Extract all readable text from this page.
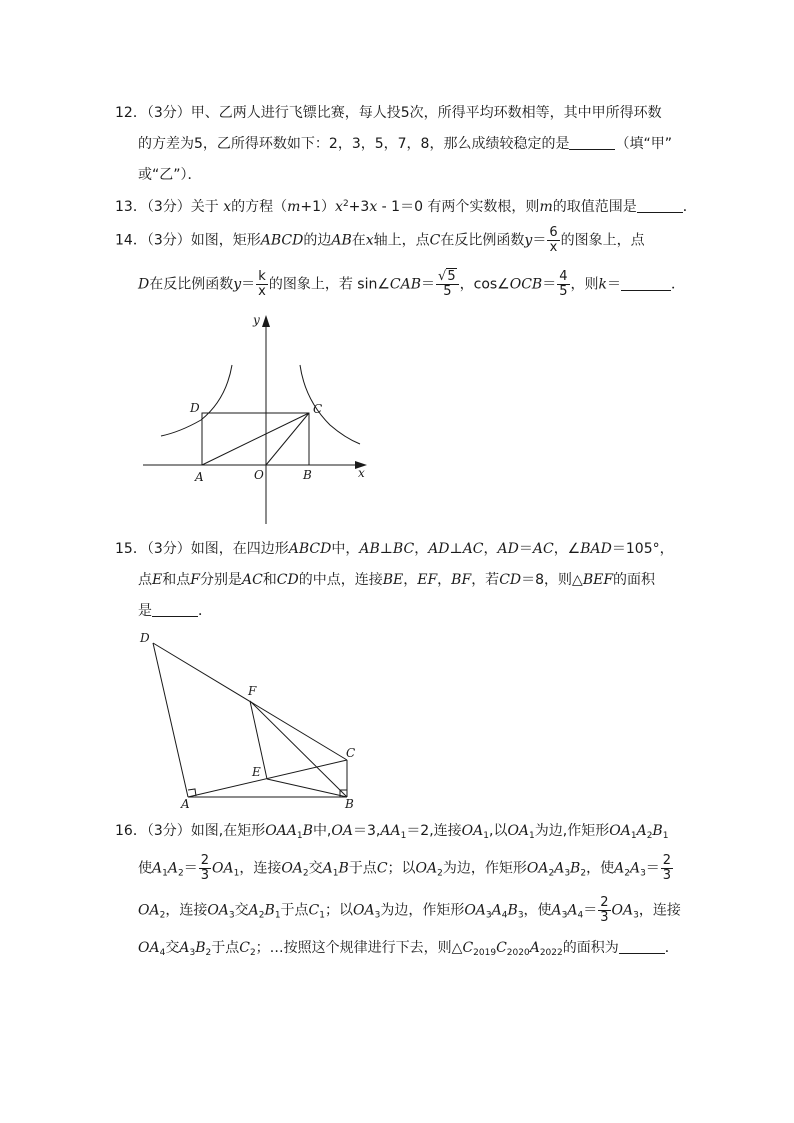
12．（3分）甲、乙两人进行飞镖比赛，每人投5次，所得平均环数相等，其中甲所得环数
的方差为5，乙所得环数如下：2，3，5，7，8，那么成绩较稳定的是	（填“甲”
或“乙”）．
13．（3分）关于 x的方程$(m+1)x^2+3x - 1=0$ 有两个实数根，则m的取值范围是	．
14．（3分）如图，矩形ABCD的边AB在x轴上，点C在反比例函数$y= \frac{6}{x}$ 的图象上，点
D在反比例函数$y= \frac{k}{x}$ 的图象上，若 sin∠CAB＝ $\frac{√5}{5}$ ，cos∠OCB＝ $\frac{4}{5}$ ，则k＝	．
y
D	C
A	O	B	x
15．（3分）如图，在四边形ABCD中，AB⊥BC，AD⊥AC，AD＝AC，∠BAD＝105°，
点E和点F分别是AC和CD的中点，连接BE，EF，BF，若CD＝8，则△BEF的面积
是	．
D
F
C
E
A	B
16．（3分）如图,在矩形$OAA_1B$中$,OA=3,AA_1=2$,连接$OA_1$,以$OA_1$为边,作矩形$OA_1A_2B_1$
使$A_1A_2= \frac{2}{3} OA_1$，连接$OA_2$交$A_1B$于点C；以$OA_2$为边，作矩形$OA_2A_3B_2$，使$A_2A_3= \frac{2}{3}$
$OA_2$，连接$OA_3$交$A_2B_1$于点$C_1$；以$OA_3$为边，作矩形$OA_3A_4B_3$，使$A_3A_4= \frac{2}{3} OA_3$，连接
$OA_4$交$A_3B_2$于点$C_2$；…按照这个规律进行下去，则$\triangle C_{2019}C_{2020}A_{2022}$的面积为	．
